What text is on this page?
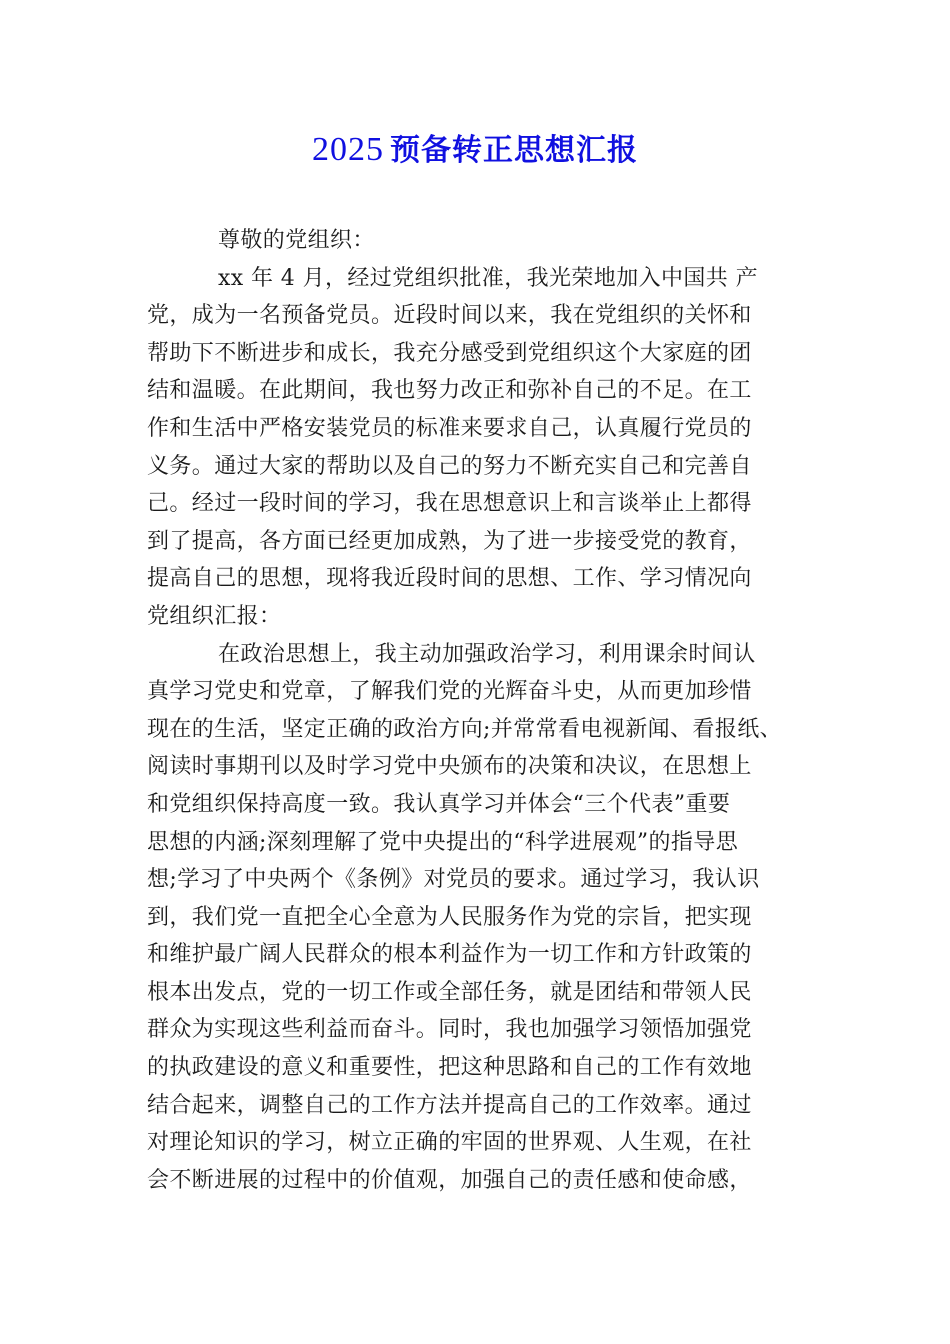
2025 预备转正思想汇报
尊敬的党组织：
xx 年 4 月，经过党组织批准，我光荣地加入中国共 产
党，成为一名预备党员。近段时间以来，我在党组织的关怀和
帮助下不断进步和成长，我充分感受到党组织这个大家庭的团
结和温暖。在此期间，我也努力改正和弥补自己的不足。在工
作和生活中严格安装党员的标准来要求自己，认真履行党员的
义务。通过大家的帮助以及自己的努力不断充实自己和完善自
己。经过一段时间的学习，我在思想意识上和言谈举止上都得
到了提高，各方面已经更加成熟，为了进一步接受党的教育，
提高自己的思想，现将我近段时间的思想、工作、学习情况向
党组织汇报：
在政治思想上，我主动加强政治学习，利用课余时间认
真学习党史和党章，了解我们党的光辉奋斗史，从而更加珍惜
现在的生活，坚定正确的政治方向;并常常看电视新闻、看报纸、
阅读时事期刊以及时学习党中央颁布的决策和决议，在思想上
和党组织保持高度一致。我认真学习并体会“三个代表”重要
思想的内涵;深刻理解了党中央提出的“科学进展观”的指导思
想;学习了中央两个《条例》对党员的要求。通过学习，我认识
到，我们党一直把全心全意为人民服务作为党的宗旨，把实现
和维护最广阔人民群众的根本利益作为一切工作和方针政策的
根本出发点，党的一切工作或全部任务，就是团结和带领人民
群众为实现这些利益而奋斗。同时，我也加强学习领悟加强党
的执政建设的意义和重要性，把这种思路和自己的工作有效地
结合起来，调整自己的工作方法并提高自己的工作效率。通过
对理论知识的学习，树立正确的牢固的世界观、人生观，在社
会不断进展的过程中的价值观，加强自己的责任感和使命感，
